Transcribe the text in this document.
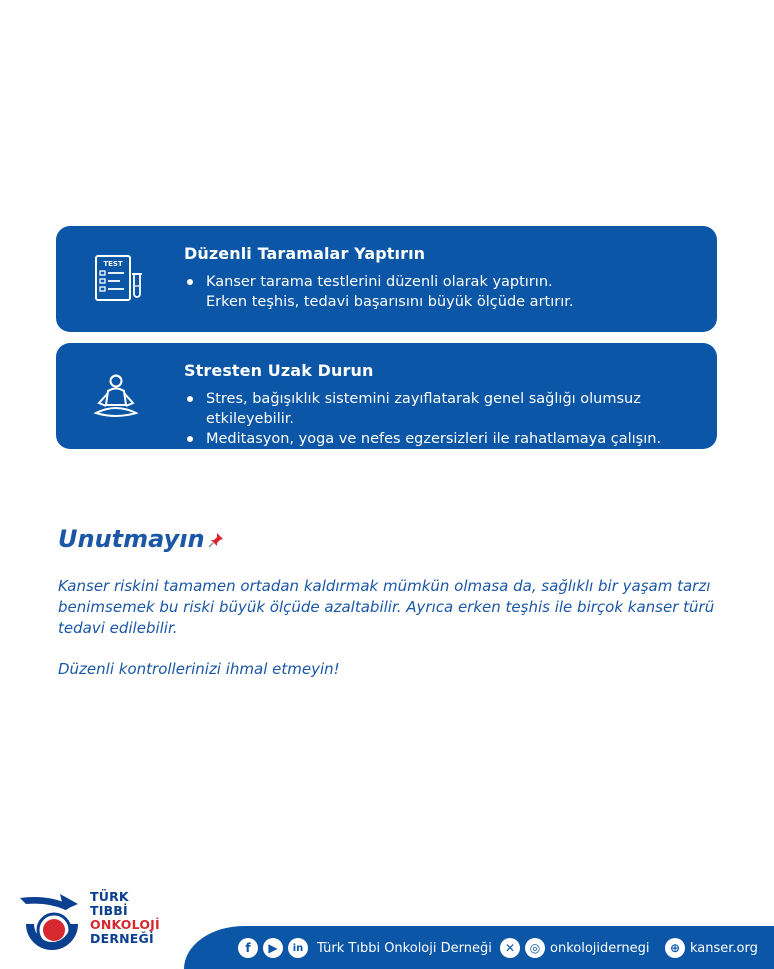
TEST
Düzenli Taramalar Yaptırın
Kanser tarama testlerini düzenli olarak yaptırın.
Erken teşhis, tedavi başarısını büyük ölçüde artırır.
Stresten Uzak Durun
Stres, bağışıklık sistemini zayıflatarak genel sağlığı olumsuz etkileyebilir.
Meditasyon, yoga ve nefes egzersizleri ile rahatlamaya çalışın.
Unutmayın

Kanser riskini tamamen ortadan kaldırmak mümkün olmasa da, sağlıklı bir yaşam tarzı benimsemek bu riski büyük ölçüde azaltabilir. Ayrıca erken teşhis ile birçok kanser türü tedavi edilebilir.

Düzenli kontrollerinizi ihmal etmeyin!

TÜRK
TIBBİ
ONKOLOJİ
DERNEĞİ
f	▶	in	Türk Tıbbi Onkoloji Derneği	✕	◎ onkolojidernegi	⊕ kanser.org
